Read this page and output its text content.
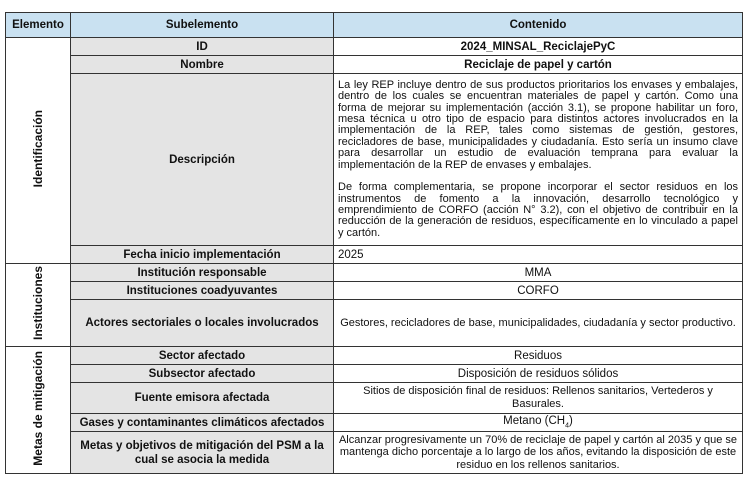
Elemento	Subelemento	Contenido
Identificación	ID	2024_MINSAL_ReciclajePyC
	Nombre	Reciclaje de papel y cartón
	Descripción	La ley REP incluye dentro de sus productos prioritarios los envases y embalajes, dentro de los cuales se encuentran materiales de papel y cartón. Como una forma de mejorar su implementación (acción 3.1), se propone habilitar un foro, mesa técnica u otro tipo de espacio para distintos actores involucrados en la implementación de la REP, tales como sistemas de gestión, gestores, recicladores de base, municipalidades y ciudadanía. Esto sería un insumo clave para desarrollar un estudio de evaluación temprana para evaluar la implementación de la REP de envases y embalajes.

De forma complementaria, se propone incorporar el sector residuos en los instrumentos de fomento a la innovación, desarrollo tecnológico y emprendimiento de CORFO (acción N° 3.2), con el objetivo de contribuir en la reducción de la generación de residuos, específicamente en lo vinculado a papel y cartón.

	Fecha inicio implementación	2025
Instituciones	Institución responsable	MMA
	Instituciones coadyuvantes	CORFO
	Actores sectoriales o locales involucrados	Gestores, recicladores de base, municipalidades, ciudadanía y sector productivo.
Metas de mitigación	Sector afectado	Residuos
	Subsector afectado	Disposición de residuos sólidos
	Fuente emisora afectada	Sitios de disposición final de residuos: Rellenos sanitarios, Vertederos y Basurales.
	Gases y contaminantes climáticos afectados	Metano $(CH_4)$
	Metas y objetivos de mitigación del PSM a la cual se asocia la medida	Alcanzar progresivamente un 70% de reciclaje de papel y cartón al 2035 y que se mantenga dicho porcentaje a lo largo de los años, evitando la disposición de este residuo en los rellenos sanitarios.
